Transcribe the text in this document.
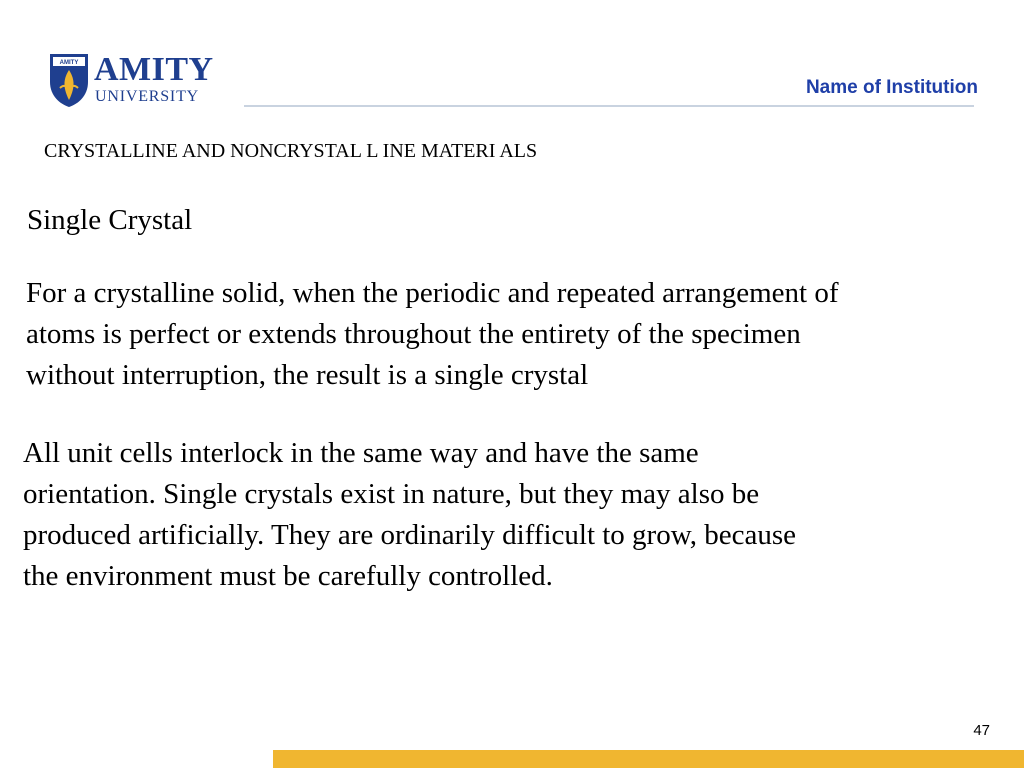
AMITY AMITY
UNIVERSITY	Name of Institution
CRYSTALLINE AND NONCRYSTAL L INE MATERI ALS
Single Crystal
For a crystalline solid, when the periodic and repeated arrangement of
atoms is perfect or extends throughout the entirety of the specimen
without interruption, the result is a single crystal
All unit cells interlock in the same way and have the same
orientation. Single crystals exist in nature, but they may also be
produced artificially. They are ordinarily difficult to grow, because
the environment must be carefully controlled.
47
